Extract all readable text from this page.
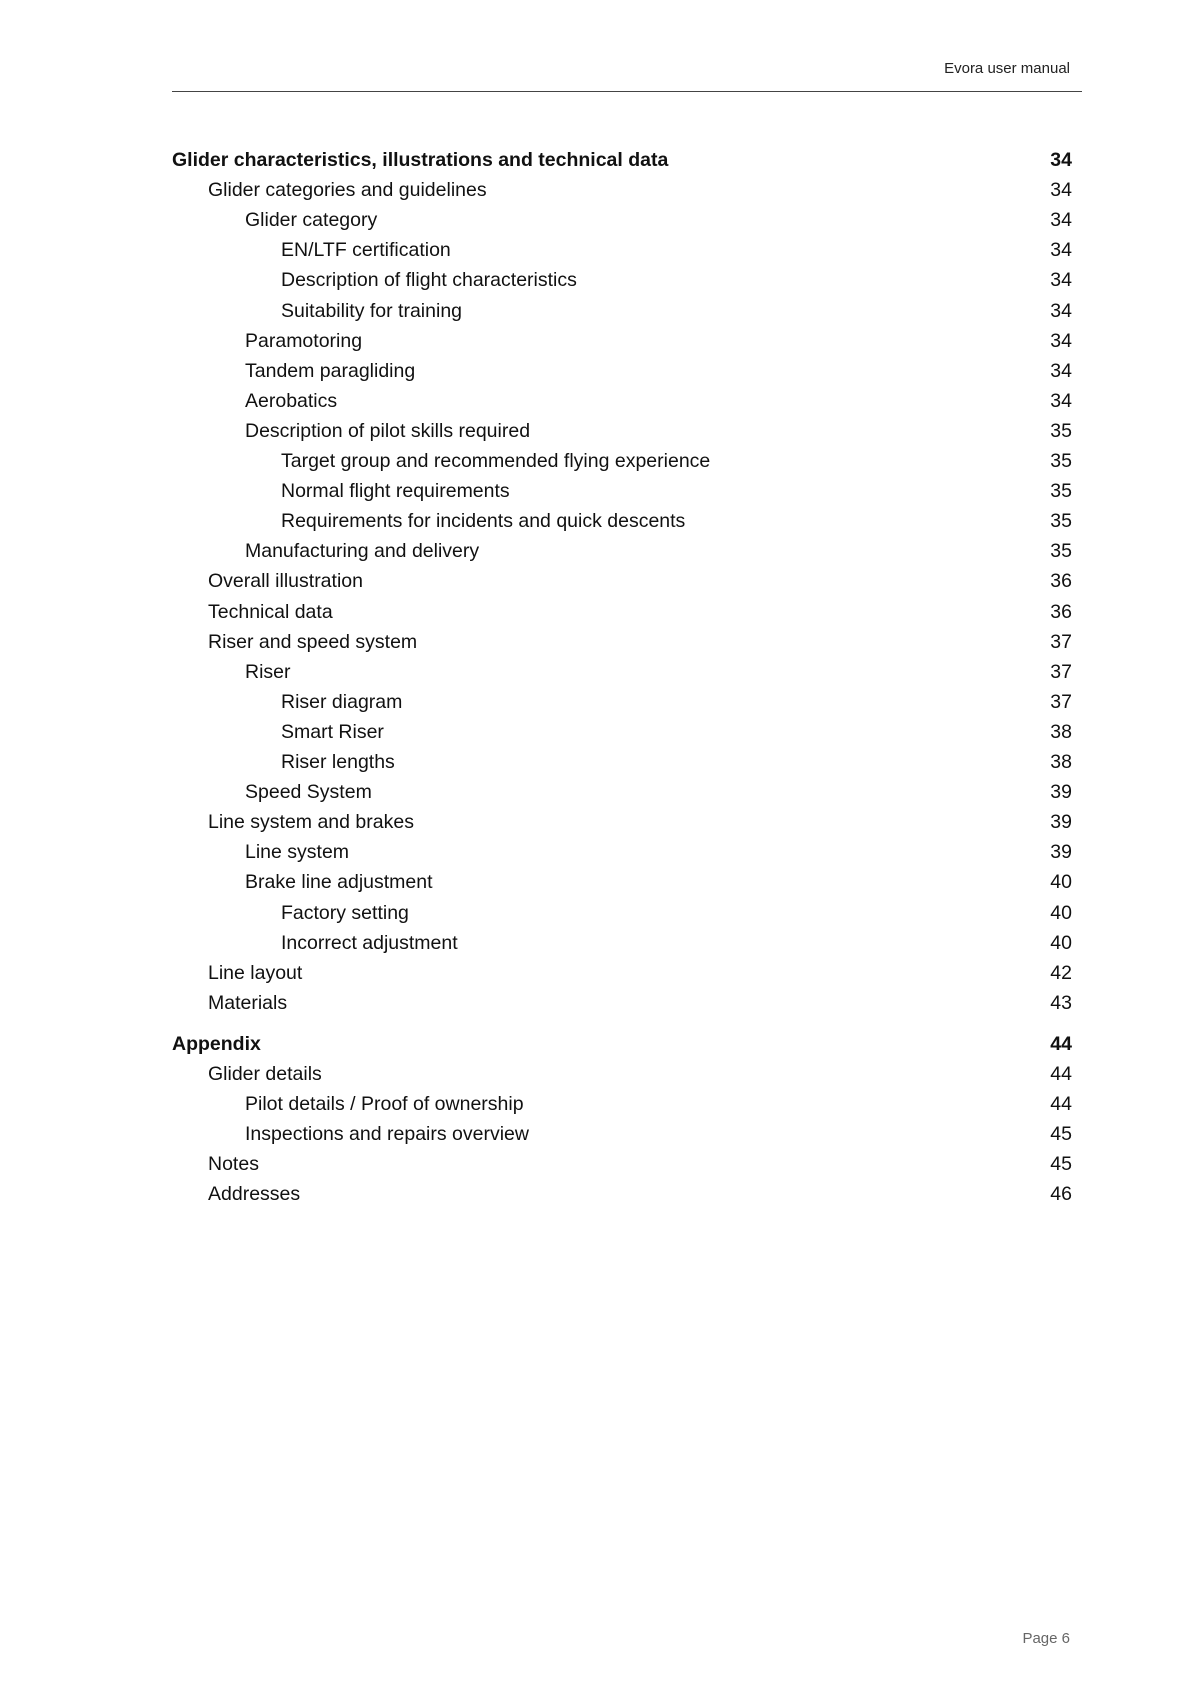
Evora user manual
Glider characteristics, illustrations and technical data	34
Glider categories and guidelines	34
Glider category	34
EN/LTF certification	34
Description of flight characteristics	34
Suitability for training	34
Paramotoring	34
Tandem paragliding	34
Aerobatics	34
Description of pilot skills required	35
Target group and recommended flying experience	35
Normal flight requirements	35
Requirements for incidents and quick descents	35
Manufacturing and delivery	35
Overall illustration	36
Technical data	36
Riser and speed system	37
Riser	37
Riser diagram	37
Smart Riser	38
Riser lengths	38
Speed System	39
Line system and brakes	39
Line system	39
Brake line adjustment	40
Factory setting	40
Incorrect adjustment	40
Line layout	42
Materials	43
Appendix	44
Glider details	44
Pilot details / Proof of ownership	44
Inspections and repairs overview	45
Notes	45
Addresses	46
Page 6
